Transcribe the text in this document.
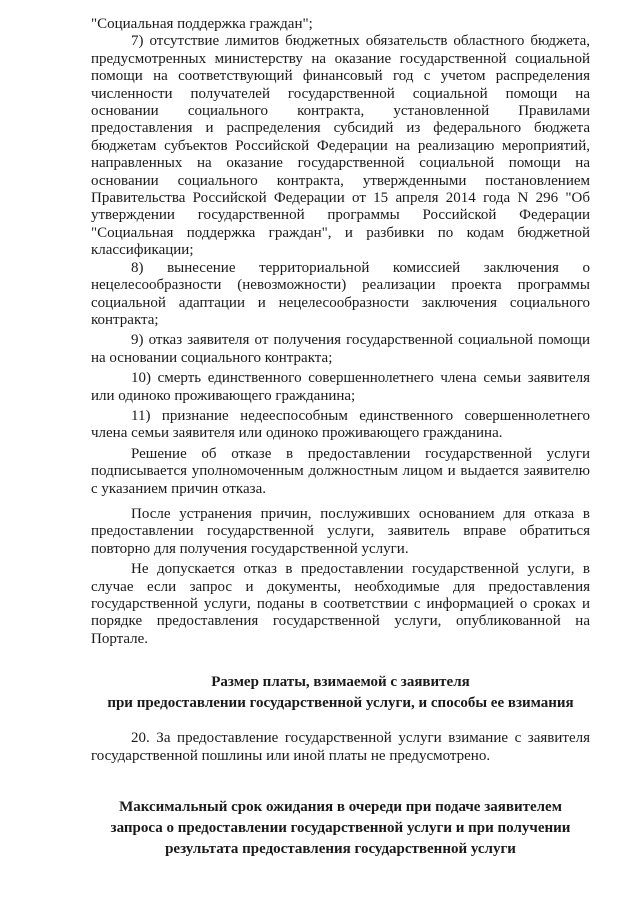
"Социальная поддержка граждан";

7) отсутствие лимитов бюджетных обязательств областного бюджета, предусмотренных министерству на оказание государственной социальной помощи на соответствующий финансовый год с учетом распределения численности получателей государственной социальной помощи на основании социального контракта, установленной Правилами предоставления и распределения субсидий из федерального бюджета бюджетам субъектов Российской Федерации на реализацию мероприятий, направленных на оказание государственной социальной помощи на основании социального контракта, утвержденными постановлением Правительства Российской Федерации от 15 апреля 2014 года N 296 "Об утверждении государственной программы Российской Федерации "Социальная поддержка граждан", и разбивки по кодам бюджетной классификации;

8) вынесение территориальной комиссией заключения о нецелесообразности (невозможности) реализации проекта программы социальной адаптации и нецелесообразности заключения социального контракта;

9) отказ заявителя от получения государственной социальной помощи на основании социального контракта;

10) смерть единственного совершеннолетнего члена семьи заявителя или одиноко проживающего гражданина;

11) признание недееспособным единственного совершеннолетнего члена семьи заявителя или одиноко проживающего гражданина.

Решение об отказе в предоставлении государственной услуги подписывается уполномоченным должностным лицом и выдается заявителю с указанием причин отказа.

После устранения причин, послуживших основанием для отказа в предоставлении государственной услуги, заявитель вправе обратиться повторно для получения государственной услуги.

Не допускается отказ в предоставлении государственной услуги, в случае если запрос и документы, необходимые для предоставления государственной услуги, поданы в соответствии с информацией о сроках и порядке предоставления государственной услуги, опубликованной на Портале.

Размер платы, взимаемой с заявителя
при предоставлении государственной услуги, и способы ее взимания

20. За предоставление государственной услуги взимание с заявителя государственной пошлины или иной платы не предусмотрено.

Максимальный срок ожидания в очереди при подаче заявителем
запроса о предоставлении государственной услуги и при получении
результата предоставления государственной услуги
